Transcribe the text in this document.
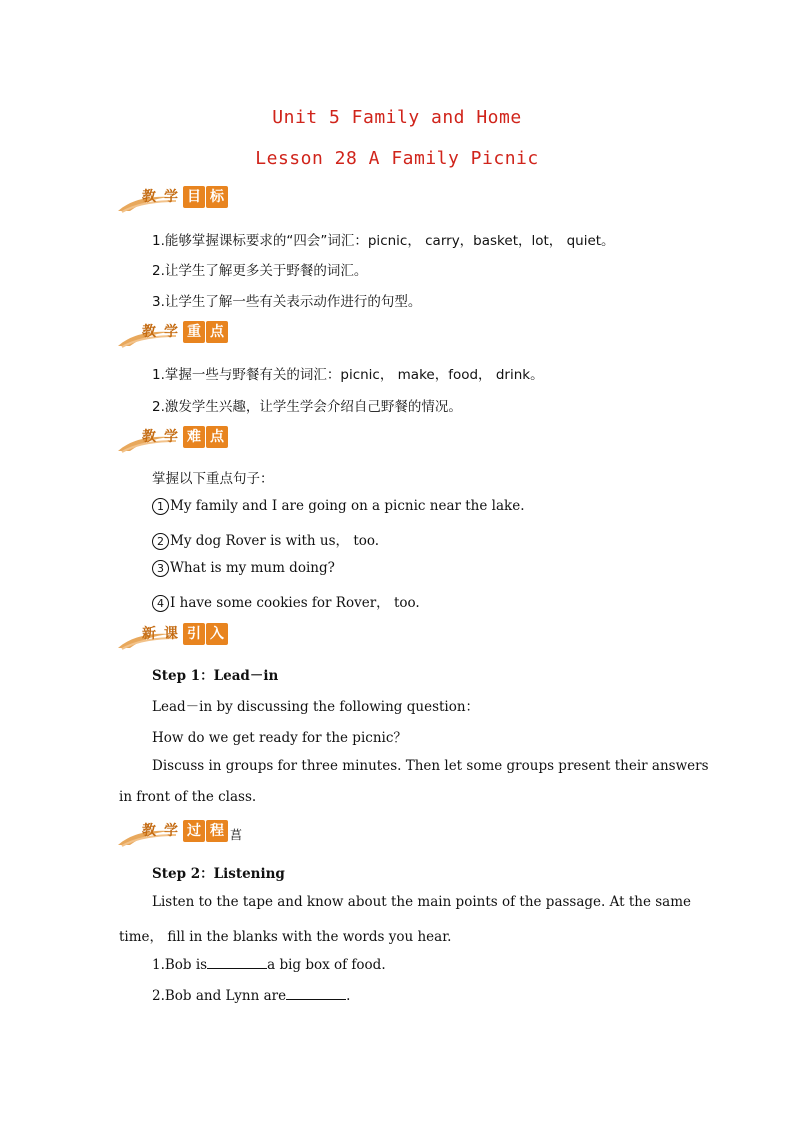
Unit 5 Family and Home
Lesson 28 A Family Picnic
教 学 目 标
1.能够掌握课标要求的“四会”词汇：picnic， carry，basket，lot， quiet。
2.让学生了解更多关于野餐的词汇。
3.让学生了解一些有关表示动作进行的句型。
教 学 重 点
1.掌握一些与野餐有关的词汇：picnic， make，food， drink。
2.激发学生兴趣，让学生学会介绍自己野餐的情况。
教 学 难 点
掌握以下重点句子：
1 My family and I are going on a picnic near the lake.
2 My dog Rover is with us， too.
3 What is my mum doing?
4 I have some cookies for Rover， too.
新 课 引 入
Step 1：Lead－in
Lead－in by discussing the following question：
How do we get ready for the picnic？
Discuss in groups for three minutes. Then let some groups present their answers
in front of the class.
教 学 过 程 菖
Step 2：Listening
Listen to the tape and know about the main points of the passage. At the same
time， fill in the blanks with the words you hear.
1.Bob is	a big box of food.
2.Bob and Lynn are	.
